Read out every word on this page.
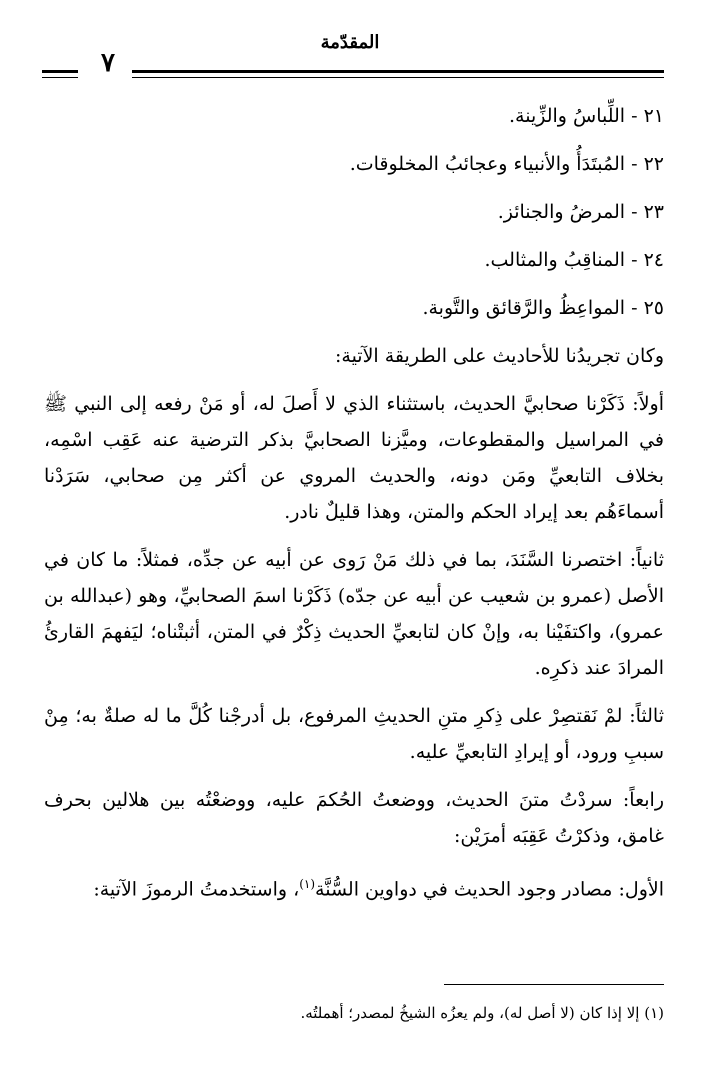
المقدّمة
٧
٢١ - اللِّباسُ والزِّينة.
٢٢ - المُبتَدَأُ والأنبياء وعجائبُ المخلوقات.
٢٣ - المرضُ والجنائز.
٢٤ - المناقِبُ والمثالب.
٢٥ - المواعِظُ والرَّقائق والتَّوبة.

وكان تجريدُنا للأحاديث على الطريقة الآتية:

أولاً: ذَكَرْنا صحابيَّ الحديث، باستثناء الذي لا أَصلَ له، أو مَنْ رفعه إلى النبي ﷺ في المراسيل والمقطوعات، وميَّزنا الصحابيَّ بذكر الترضية عنه عَقِب اسْمِه، بخلاف التابعيِّ ومَن دونه، والحديث المروي عن أكثر مِن صحابي، سَرَدْنا أسماءَهُم بعد إيراد الحكم والمتن، وهذا قليلٌ نادر.

ثانياً: اختصرنا السَّنَدَ، بما في ذلك مَنْ رَوى عن أبيه عن جدِّه، فمثلاً: ما كان في الأصل (عمرو بن شعيب عن أبيه عن جدّه) ذَكَرْنا اسمَ الصحابيِّ، وهو (عبدالله بن عمرو)، واكتفَيْنا به، وإنْ كان لتابعيِّ الحديث ذِكْرٌ في المتن، أثبتْناه؛ ليَفهمَ القارئُ المرادَ عند ذكرِه.

ثالثاً: لمْ نَقتصِرْ على ذِكرِ متنِ الحديثِ المرفوع، بل أدرجْنا كُلَّ ما له صلةٌ به؛ مِنْ سببِ ورود، أو إيرادِ التابعيِّ عليه.

رابعاً: سردْتُ متنَ الحديث، ووضعتُ الحُكمَ عليه، ووضعْتُه بين هلالين بحرف غامق، وذكرْتُ عَقِبَه أمرَيْن:

الأول: مصادر وجود الحديث في دواوين السُّنَّة$^{(١)}$، واستخدمتُ الرموزَ الآتية:

(١) إلا إذا كان (لا أصل له)، ولم يعزُه الشيخُ لمصدر؛ أهملتُه.
